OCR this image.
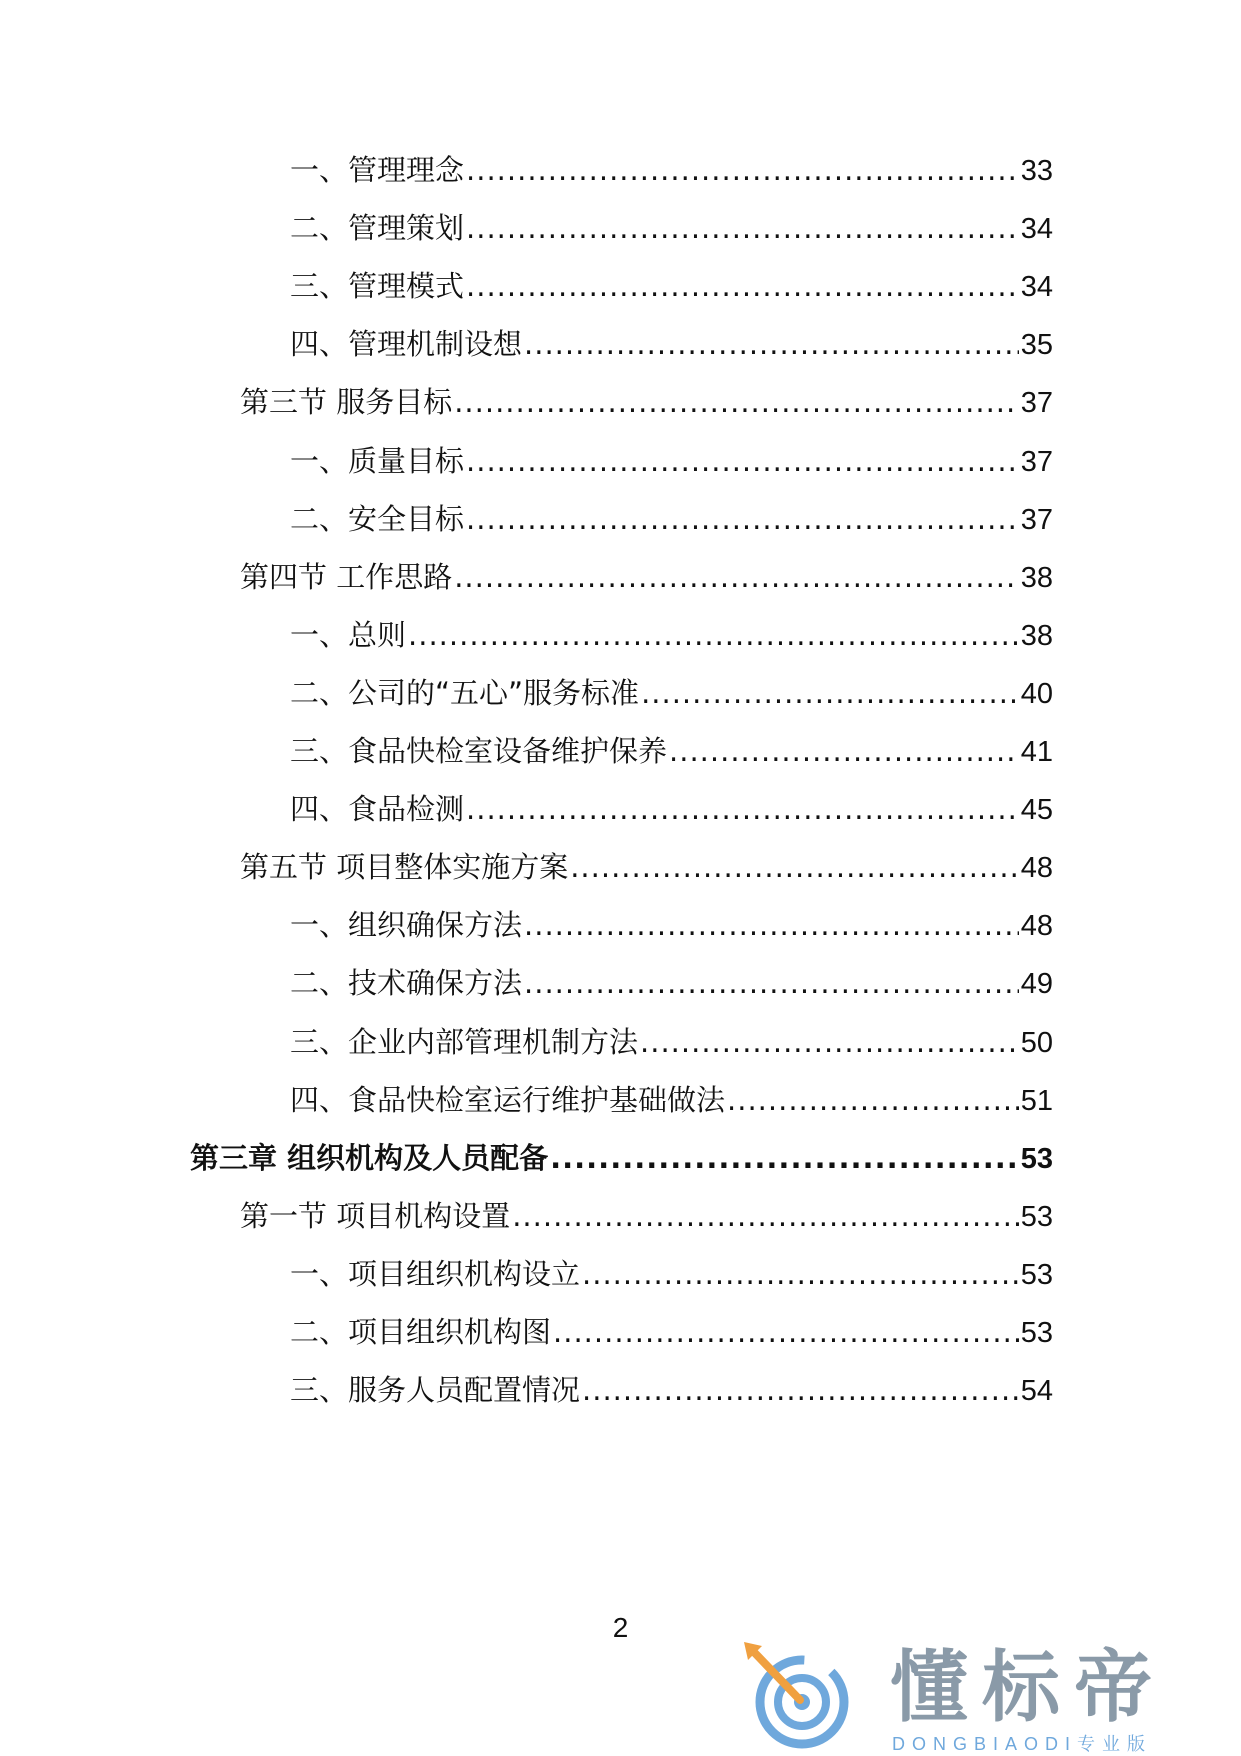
一、管理理念 .....	33
二、管理策划 .....	34
三、管理模式 .....	34
四、管理机制设想 .....	35
第三节 服务目标 .....	37
一、质量目标 .....	37
二、安全目标 .....	37
第四节 工作思路 .....	38
一、总则 .....	38
二、公司的“五心”服务标准 .....	40
三、食品快检室设备维护保养 .....	41
四、食品检测 .....	45
第五节 项目整体实施方案 .....	48
一、组织确保方法 .....	48
二、技术确保方法 .....	49
三、企业内部管理机制方法 .....	50
四、食品快检室运行维护基础做法 .....	51
第三章 组织机构及人员配备 .....	53
第一节 项目机构设置 .....	53
一、项目组织机构设立 .....	53
二、项目组织机构图 .....	53
三、服务人员配置情况 .....	54
2
懂标帝
DONGBIAODI专业版
